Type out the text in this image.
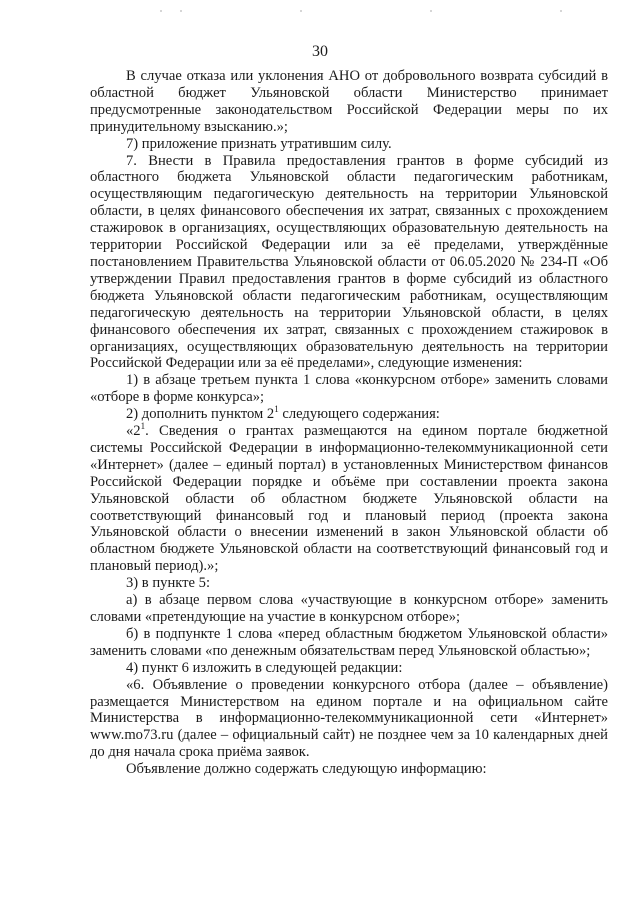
30

В случае отказа или уклонения АНО от добровольного возврата субсидий в областной бюджет Ульяновской области Министерство принимает предусмотренные законодательством Российской Федерации меры по их принудительному взысканию.»;

7) приложение признать утратившим силу.

7. Внести в Правила предоставления грантов в форме субсидий из областного бюджета Ульяновской области педагогическим работникам, осуществляющим педагогическую деятельность на территории Ульяновской области, в целях финансового обеспечения их затрат, связанных с прохождением стажировок в организациях, осуществляющих образовательную деятельность на территории Российской Федерации или за её пределами, утверждённые постановлением Правительства Ульяновской области от 06.05.2020 № 234-П «Об утверждении Правил предоставления грантов в форме субсидий из областного бюджета Ульяновской области педагогическим работникам, осуществляющим педагогическую деятельность на территории Ульяновской области, в целях финансового обеспечения их затрат, связанных с прохождением стажировок в организациях, осуществляющих образовательную деятельность на территории Российской Федерации или за её пределами», следующие изменения:

1) в абзаце третьем пункта 1 слова «конкурсном отборе» заменить словами «отборе в форме конкурса»;

2) дополнить пунктом $2^1$ следующего содержания:

«$2^1$. Сведения о грантах размещаются на едином портале бюджетной системы Российской Федерации в информационно-телекоммуникационной сети «Интернет» (далее – единый портал) в установленных Министерством финансов Российской Федерации порядке и объёме при составлении проекта закона Ульяновской области об областном бюджете Ульяновской области на соответствующий финансовый год и плановый период (проекта закона Ульяновской области о внесении изменений в закон Ульяновской области об областном бюджете Ульяновской области на соответствующий финансовый год и плановый период).»;

3) в пункте 5:

а) в абзаце первом слова «участвующие в конкурсном отборе» заменить словами «претендующие на участие в конкурсном отборе»;

б) в подпункте 1 слова «перед областным бюджетом Ульяновской области» заменить словами «по денежным обязательствам перед Ульяновской областью»;

4) пункт 6 изложить в следующей редакции:

«6. Объявление о проведении конкурсного отбора (далее – объявление) размещается Министерством на едином портале и на официальном сайте Министерства в информационно-телекоммуникационной сети «Интернет» www.mo73.ru (далее – официальный сайт) не позднее чем за 10 календарных дней до дня начала срока приёма заявок.

Объявление должно содержать следующую информацию:
